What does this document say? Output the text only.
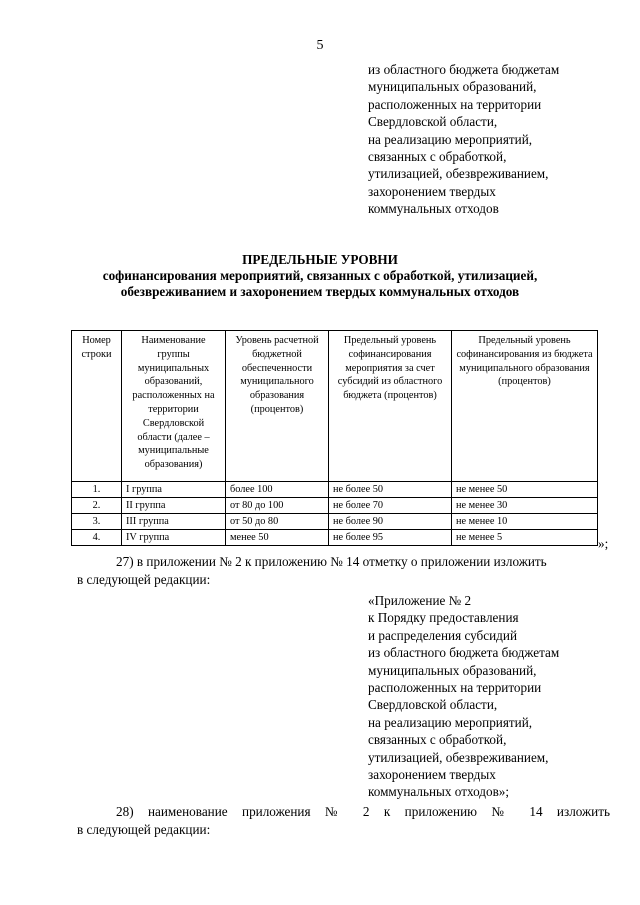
5
из областного бюджета бюджетам
муниципальных образований,
расположенных на территории
Свердловской области,
на реализацию мероприятий,
связанных с обработкой,
утилизацией, обезвреживанием,
захоронением твердых
коммунальных отходов
ПРЕДЕЛЬНЫЕ УРОВНИ
софинансирования мероприятий, связанных с обработкой, утилизацией,
обезвреживанием и захоронением твердых коммунальных отходов
Номер строки	Наименование группы муниципальных образований, расположенных на территории Свердловской области (далее – муниципальные образования)	Уровень расчетной бюджетной обеспеченности муниципального образования (процентов)	Предельный уровень софинансирования мероприятия за счет субсидий из областного бюджета (процентов)	Предельный уровень софинансирования из бюджета муниципального образования (процентов)
1.	I группа	более 100	не более 50	не менее 50
2.	II группа	от 80 до 100	не более 70	не менее 30
3.	III группа	от 50 до 80	не более 90	не менее 10
4.	IV группа	менее 50	не более 95	не менее 5	»;
27) в приложении № 2 к приложению № 14 отметку о приложении изложить
в следующей редакции:
«Приложение № 2
к Порядку предоставления
и распределения субсидий
из областного бюджета бюджетам
муниципальных образований,
расположенных на территории
Свердловской области,
на реализацию мероприятий,
связанных с обработкой,
утилизацией, обезвреживанием,
захоронением твердых
коммунальных отходов»;
28) наименование приложения № 2 к приложению № 14 изложить
в следующей редакции:
